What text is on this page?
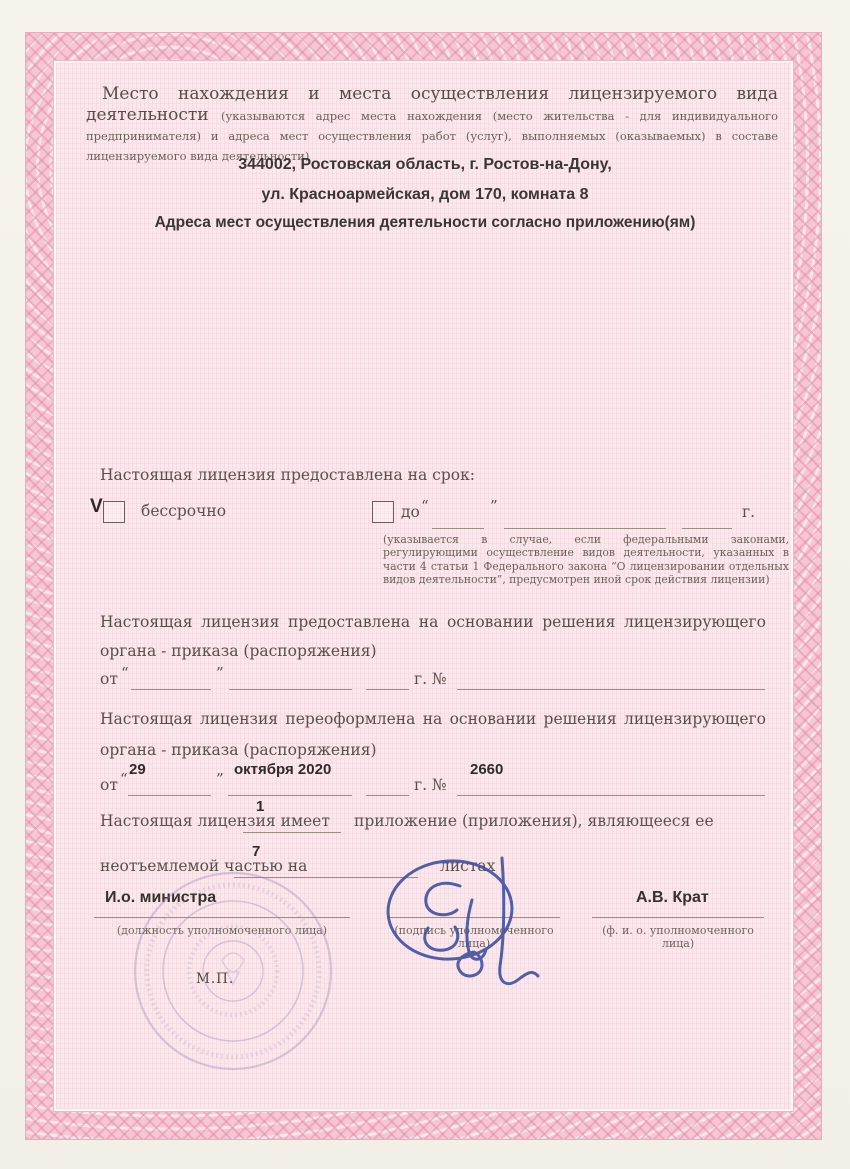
Место нахождения и места осуществления лицензируемого вида деятельности (указываются адрес места нахождения (место жительства - для индивидуального предпринимателя) и адреса мест осуществления работ (услуг), выполняемых (оказываемых) в составе лицензируемого вида деятельности)

344002, Ростовская область, г. Ростов-на-Дону,
ул. Красноармейская, дом 170, комната 8
Адреса мест осуществления деятельности согласно приложению(ям)
Настоящая лицензия предоставлена на срок:
V бессрочно	до “	”	г.
(указывается в случае, если федеральными законами, регулирующими осуществление видов деятельности, указанных в части 4 статьи 1 Федерального закона “О лицензировании отдельных видов деятельности”, предусмотрен иной срок действия лицензии)
Настоящая лицензия предоставлена на основании решения лицензирующего органа - приказа (распоряжения)
от “	”	г. №
Настоящая лицензия переоформлена на основании решения лицензирующего органа - приказа (распоряжения)
от “
29
”
октября 2020
г. №
2660
Настоящая лицензия имеет
1
приложение (приложения), являющееся ее
неотъемлемой частью на
7
листах
И.о. министра	А.В. Крат
(должность уполномоченного лица)	(подпись уполномоченного лица)
(ф. и. о. уполномоченного лица)
М.П.
